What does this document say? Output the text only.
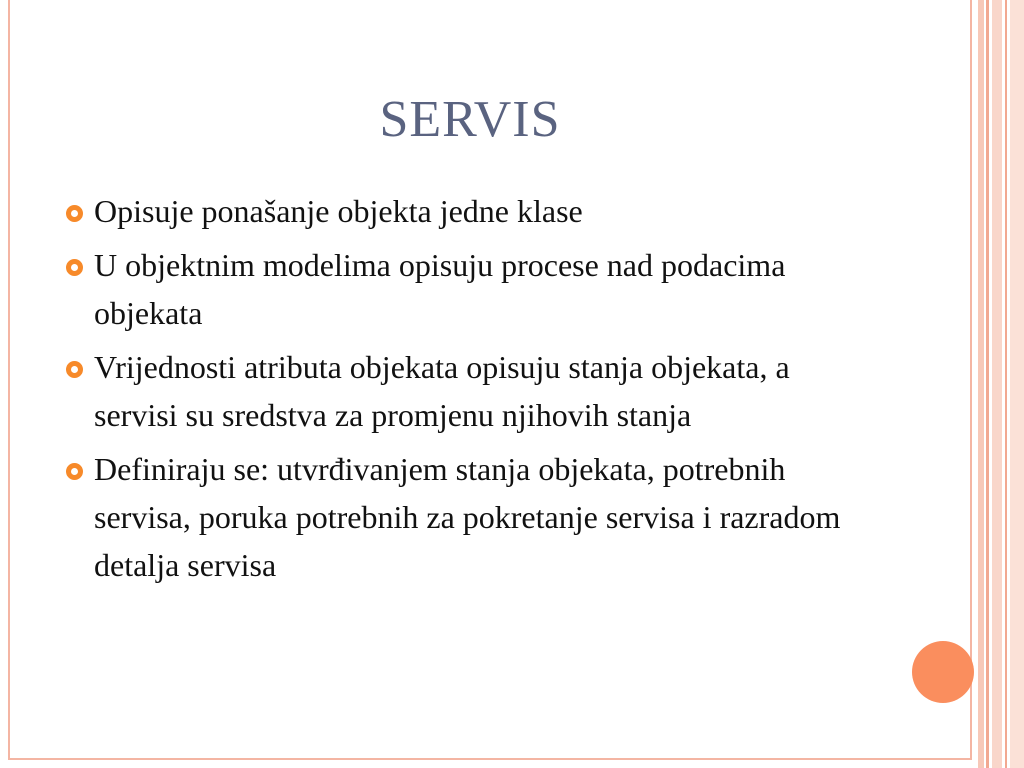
SERVIS
Opisuje ponašanje objekta jedne klase
U objektnim modelima opisuju procese nad podacima objekata
Vrijednosti atributa objekata opisuju stanja objekata, a servisi su sredstva za promjenu njihovih stanja
Definiraju se: utvrđivanjem stanja objekata, potrebnih servisa, poruka potrebnih za pokretanje servisa i razradom detalja servisa
